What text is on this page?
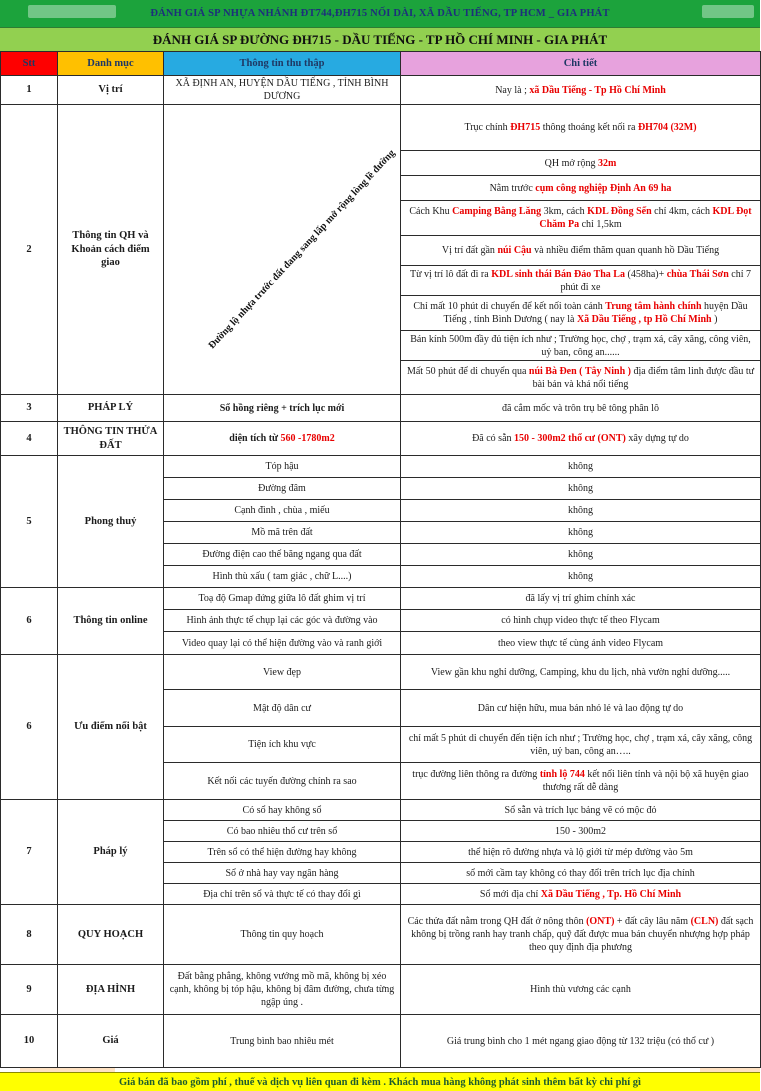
ĐÁNH GIÁ SP NHỰA NHÁNH ĐT744,ĐH715 NỐI DÀI, XÃ DẦU TIẾNG, TP HCM _ GIA PHÁT
ĐÁNH GIÁ SP ĐƯỜNG ĐH715 - DẦU TIẾNG - TP HỒ CHÍ MINH - GIA PHÁT
Stt	Danh mục	Thông tin thu thập	Chi tiết
1	Vị trí	XÃ ĐỊNH AN, HUYỆN DẦU TIẾNG , TỈNH BÌNH DƯƠNG	Nay là ; xã Dầu Tiếng - Tp Hồ Chí Minh
2	Thông tin QH và Khoản cách điểm giao	Đường lộ nhựa trước đất đang sang lấp mở rộng lòng lề đường	Trục chính ĐH715 thông thoáng kết nối ra ĐH704 (32M)
			QH mở rộng 32m
			Nằm trước cụm công nghiệp Định An 69 ha
			Cách Khu Camping Bằng Lăng 3km, cách KDL Đồng Sến chỉ 4km, cách KDL Đọt Chăm Pa chỉ 1,5km
			Vị trí đất gần núi Cậu và nhiều điểm thăm quan quanh hồ Dầu Tiếng
			Từ vị trí lô đất đi ra KDL sinh thái Bán Đảo Tha La (458ha)+ chùa Thái Sơn chỉ 7 phút đi xe
			Chỉ mất 10 phút di chuyển để kết nối toàn cảnh Trung tâm hành chính huyện Dầu Tiếng , tỉnh Bình Dương ( nay là Xã Dầu Tiếng , tp Hồ Chí Minh )
			Bán kính 500m đầy đủ tiện ích như ; Trường học, chợ , trạm xá, cây xăng, công viên, uỷ ban, công an......
			Mất 50 phút để di chuyển qua núi Bà Đen ( Tây Ninh ) địa điểm tâm linh được đầu tư bài bản và khá nổi tiếng
3	PHÁP LÝ	Sổ hồng riêng + trích lục mới	đã cắm mốc và trôn trụ bê tông phân lô
4	THÔNG TIN THỬA ĐẤT	diện tích từ 560 -1780m2	Đã có sẵn 150 - 300m2 thổ cư (ONT) xây dựng tự do
5	Phong thuỷ	Tóp hậu	không
		Đường đâm	không
		Cạnh đình , chùa , miếu	không
		Mồ mã trên đất	không
		Đường điện cao thế băng ngang qua đất	không
		Hình thù xấu ( tam giác , chữ L....)	không
6	Thông tin online	Toạ độ Gmap đứng giữa lô đất ghim vị trí	đã lấy vị trí ghim chính xác
		Hình ảnh thực tế chụp lại các góc và đường vào	có hình chụp video thực tế theo Flycam
		Video quay lại có thể hiện đường vào và ranh giới	theo view thực tế cùng ảnh video Flycam
6	Ưu điểm nổi bật	View đẹp	View gần khu nghỉ dưỡng, Camping, khu du lịch, nhà vườn nghỉ dưỡng.....
		Mật độ dân cư	Dân cư hiện hữu, mua bán nhỏ lẻ và lao động tự do
		Tiện ích khu vực	chỉ mất 5 phút di chuyển đến tiện ích như ; Trường học, chợ , trạm xá, cây xăng, công viên, uỷ ban, công an…..
		Kết nối các tuyến đường chính ra sao	trục đường liên thông ra đường tỉnh lộ 744 kết nối liên tỉnh và nội bộ xã huyện giao thương rất dễ dàng
7	Pháp lý	Có sổ hay không sổ	Sổ sẵn và trích lục bảng vẽ có mộc đỏ
		Có bao nhiêu thổ cư trên sổ	150 - 300m2
		Trên sổ có thể hiện đường hay không	thể hiện rõ đường nhựa và lộ giới từ mép đường vào 5m
		Sổ ở nhà hay vay ngân hàng	sổ mới cầm tay không có thay đổi trên trích lục địa chính
		Địa chỉ trên sổ và thực tế có thay đổi gì	Sổ mới địa chỉ Xã Dầu Tiếng , Tp. Hồ Chí Minh
8	QUY HOẠCH	Thông tin quy hoạch	Các thửa đất nằm trong QH đất ở nông thôn (ONT) + đất cây lâu năm (CLN) đất sạch không bị trồng ranh hay tranh chấp, quỹ đất được mua bán chuyển nhượng hợp pháp theo quy định địa phương
9	ĐỊA HÌNH	Đất bằng phẳng, không vướng mồ mã, không bị xéo cạnh, không bị tóp hậu, không bị đâm đường, chưa từng ngập úng .	Hình thù vương các cạnh
10	Giá	Trung bình bao nhiêu mét	Giá trung bình cho 1 mét ngang giao động từ 132 triệu (có thổ cư )
Giá bán đã bao gồm phí , thuế và dịch vụ liên quan đi kèm . Khách mua hàng không phát sinh thêm bất kỳ chi phí gì
